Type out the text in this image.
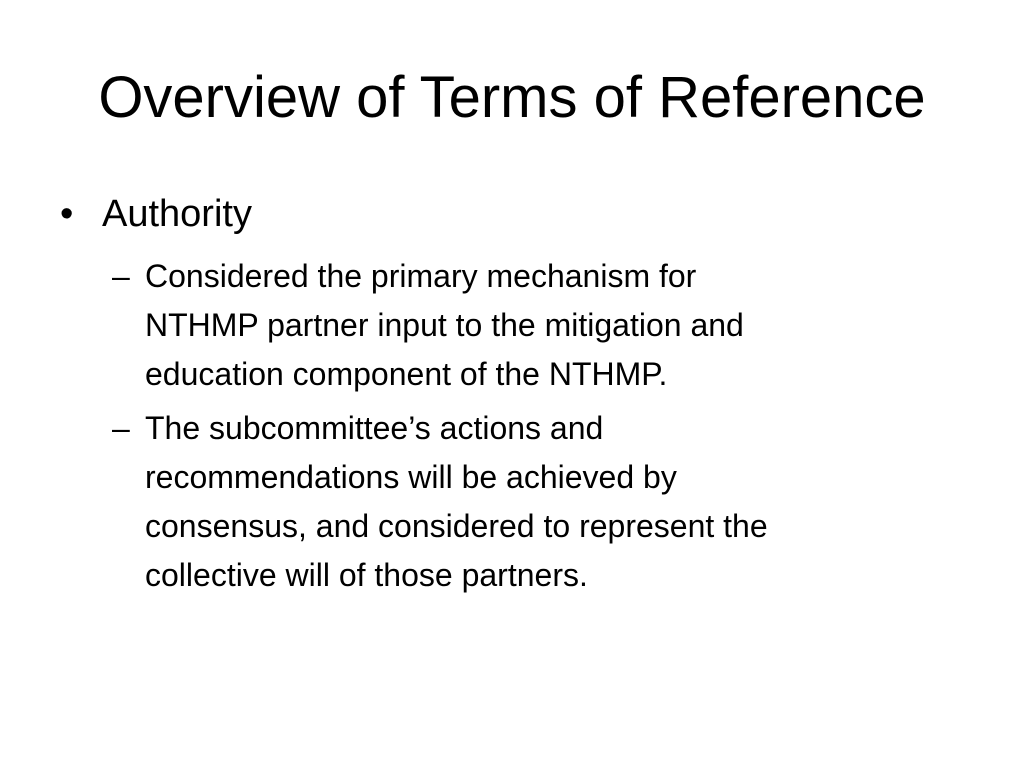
Overview of Terms of Reference
• Authority
– Considered the primary mechanism for
NTHMP partner input to the mitigation and
education component of the NTHMP.
– The subcommittee’s actions and
recommendations will be achieved by
consensus, and considered to represent the
collective will of those partners.
